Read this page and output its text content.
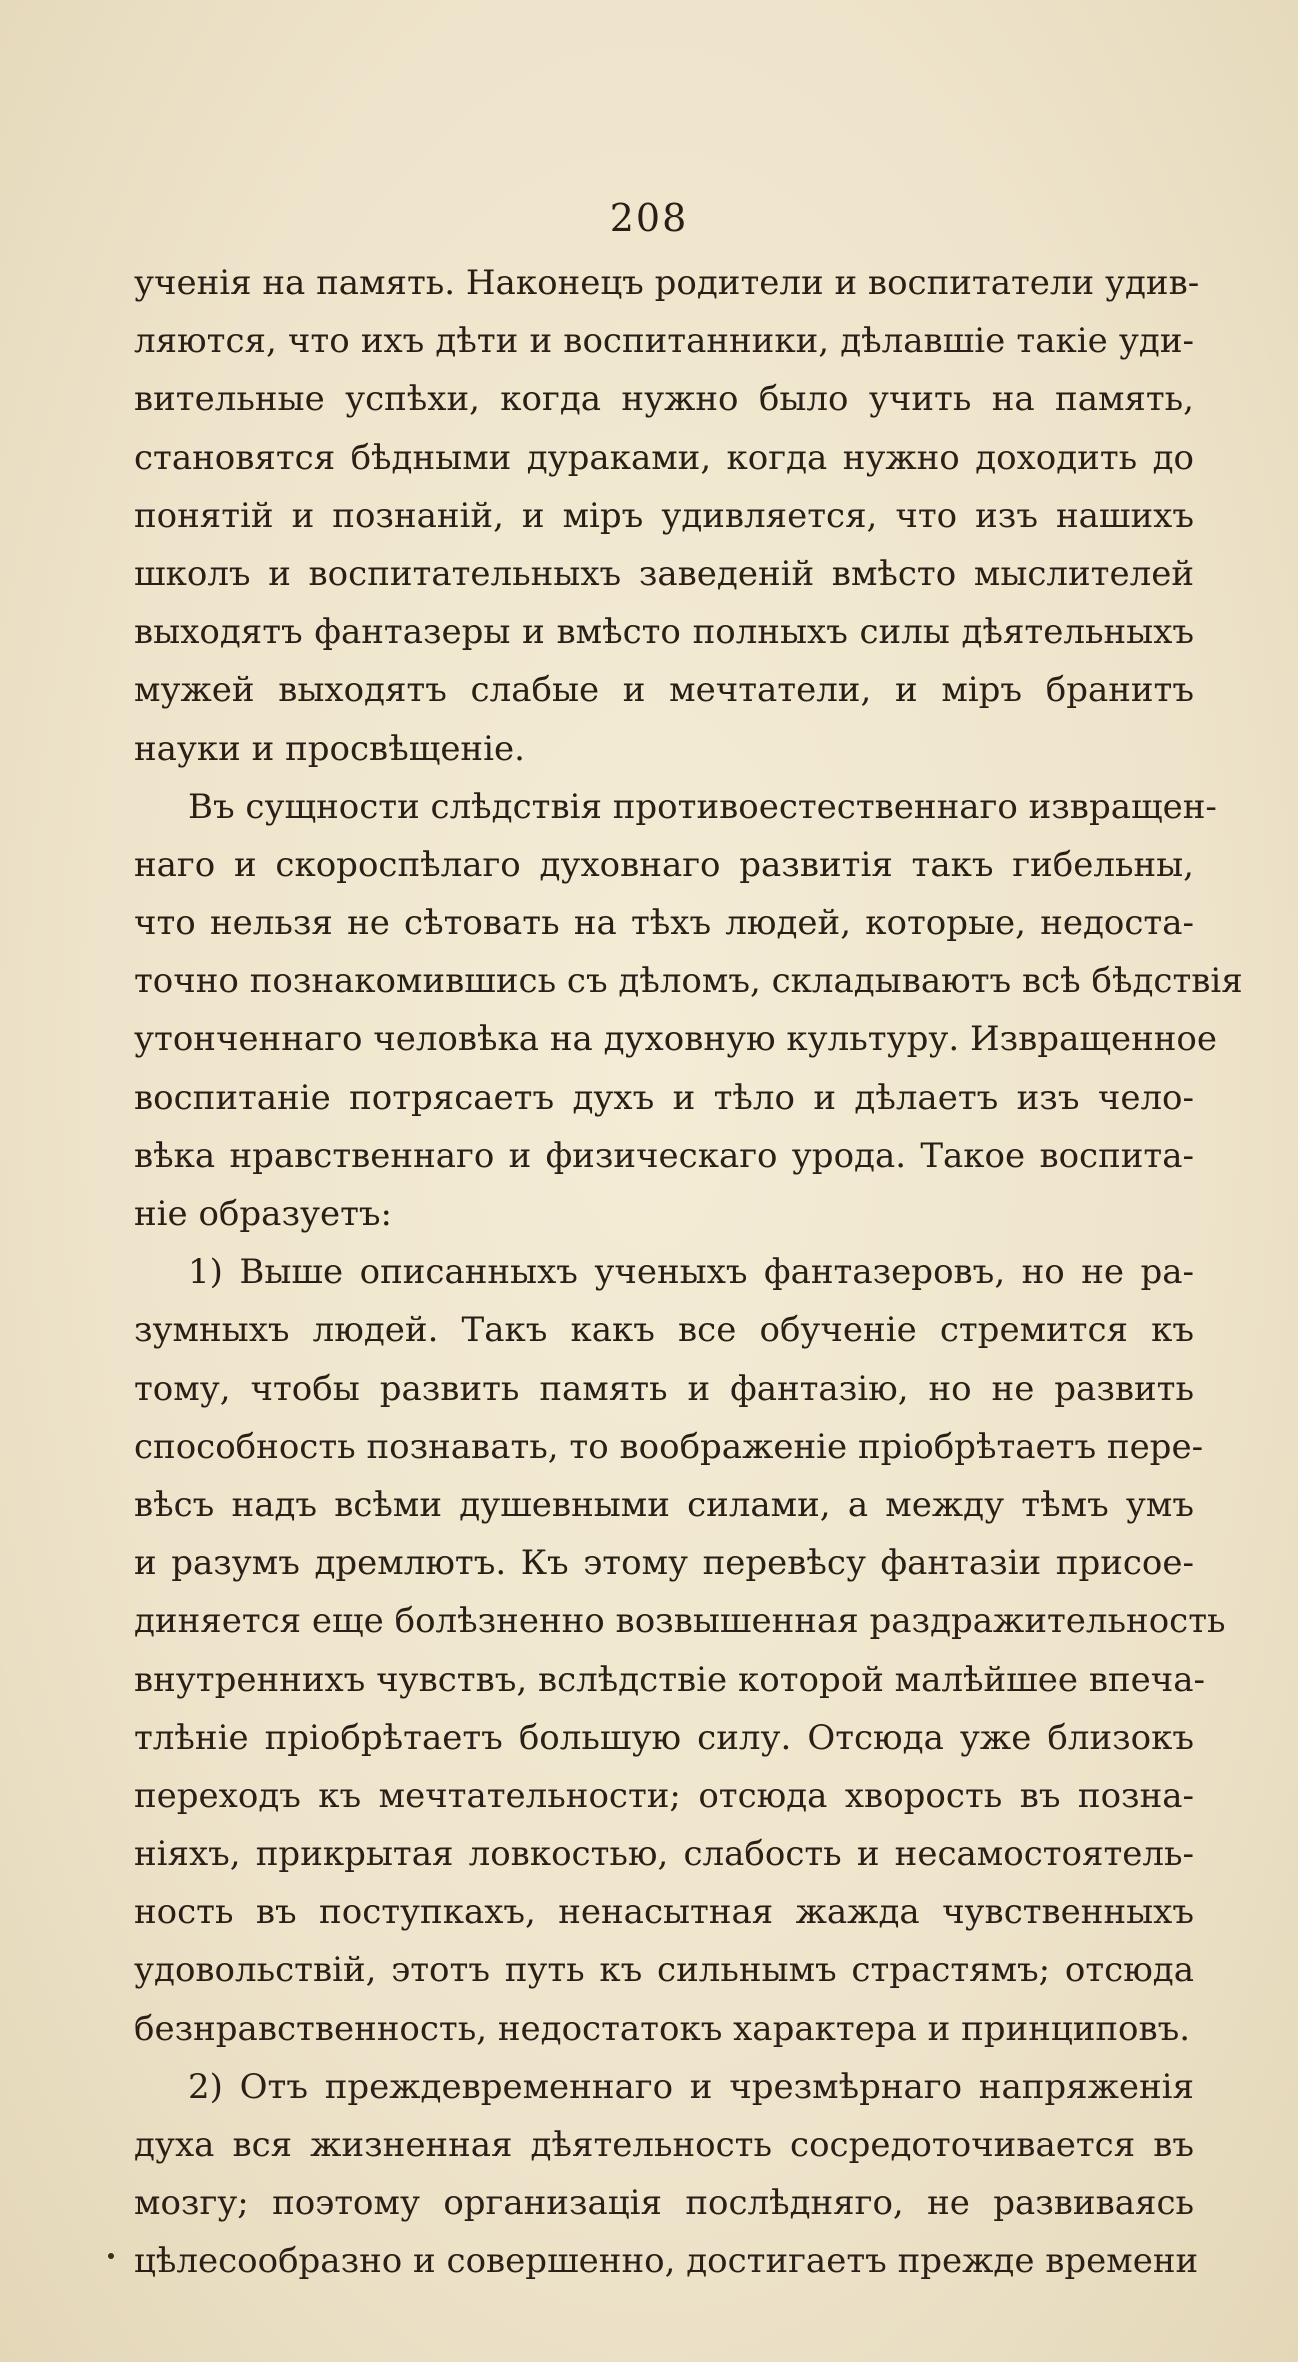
208
ученія на память. Наконецъ родители и воспитатели удив-
ляются, что ихъ дѣти и воспитанники, дѣлавшіе такіе уди-
вительные успѣхи, когда нужно было учить на память,
становятся бѣдными дураками, когда нужно доходить до
понятій и познаній, и міръ удивляется, что изъ нашихъ
школъ и воспитательныхъ заведеній вмѣсто мыслителей
выходятъ фантазеры и вмѣсто полныхъ силы дѣятельныхъ
мужей выходятъ слабые и мечтатели, и міръ бранитъ
науки и просвѣщеніе.
Въ сущности слѣдствія противоестественнаго извращен-
наго и скороспѣлаго духовнаго развитія такъ гибельны,
что нельзя не сѣтовать на тѣхъ людей, которые, недоста-
точно познакомившись съ дѣломъ, складываютъ всѣ бѣдствія
утонченнаго человѣка на духовную культуру. Извращенное
воспитаніе потрясаетъ духъ и тѣло и дѣлаетъ изъ чело-
вѣка нравственнаго и физическаго урода. Такое воспита-
ніе образуетъ:
1) Выше описанныхъ ученыхъ фантазеровъ, но не ра-
зумныхъ людей. Такъ какъ все обученіе стремится къ
тому, чтобы развить память и фантазію, но не развить
способность познавать, то воображеніе пріобрѣтаетъ пере-
вѣсъ надъ всѣми душевными силами, а между тѣмъ умъ
и разумъ дремлютъ. Къ этому перевѣсу фантазіи присое-
диняется еще болѣзненно возвышенная раздражительность
внутреннихъ чувствъ, вслѣдствіе которой малѣйшее впеча-
тлѣніе пріобрѣтаетъ большую силу. Отсюда уже близокъ
переходъ къ мечтательности; отсюда хворость въ позна-
ніяхъ, прикрытая ловкостью, слабость и несамостоятель-
ность въ поступкахъ, ненасытная жажда чувственныхъ
удовольствій, этотъ путь къ сильнымъ страстямъ; отсюда
безнравственность, недостатокъ характера и принциповъ.
2) Отъ преждевременнаго и чрезмѣрнаго напряженія
духа вся жизненная дѣятельность сосредоточивается въ
мозгу; поэтому организація послѣдняго, не развиваясь
цѣлесообразно и совершенно, достигаетъ прежде времени
